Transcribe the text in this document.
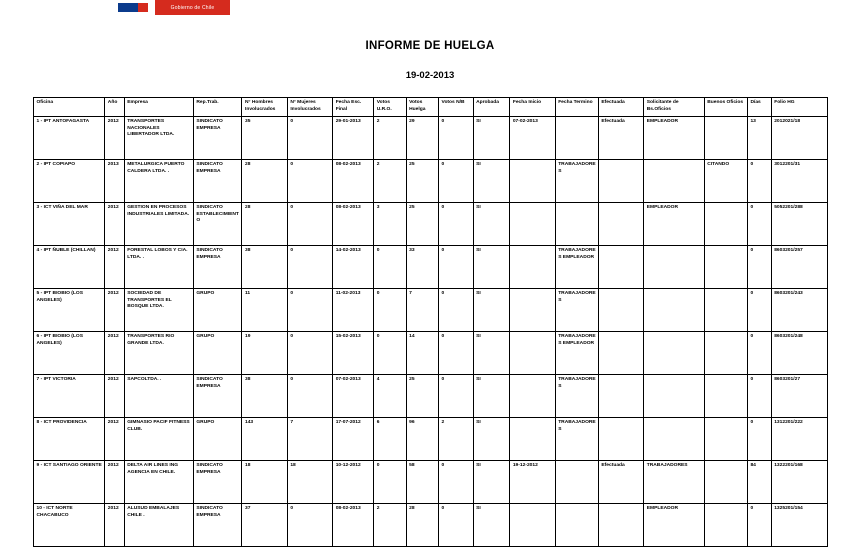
Gobierno de Chile
INFORME DE HUELGA
19-02-2013
Oficina	Año	Empresa	Rep.Trab.	N° Hombres Involucrados	N° Mujeres Involucrados	Fecha Esc. Final	Votos U.R.O.	Votos Huelga	Votos N/B	Aprobada	Fecha Inicio	Fecha Termino	Efectuada	Solicitante de Bs.Oficios	Buenos Oficios	Días	Folio HG
1 - IPT ANTOFAGASTA	2012	TRANSPORTES NACIONALES LIBERTADOR LTDA.	SINDICATO EMPRESA	35	0	29-01-2013	2	29	0	SI	07-02-2013		Efectuada	EMPLEADOR		13	2012021/18
2 - IPT COPIAPO	2013	METALURGICA PUERTO CALDERA LTDA. .	SINDICATO EMPRESA	28	0	08-02-2013	2	25	0	SI		TRABAJADORES			CITANDO	0	3012201/31
3 - ICT VIÑA DEL MAR	2012	GESTION EN PROCESOS INDUSTRIALES LIMITADA.	SINDICATO ESTABLECIMIENTO	28	0	08-02-2013	3	25	0	SI				EMPLEADOR		0	5052201/288
4 - IPT ÑUBLE (CHILLAN)	2012	FORESTAL LOBOS Y CIA. LTDA. .	SINDICATO EMPRESA	38	0	14-02-2013	0	33	0	SI		TRABAJADORES EMPLEADOR				0	8603201/257
5 - IPT BIOBIO (LOS ANGELES)	2012	SOCIEDAD DE TRANSPORTES EL BOSQUE LTDA.	GRUPO	11	0	11-02-2013	0	7	0	SI		TRABAJADORES				0	8603201/243
6 - IPT BIOBIO (LOS ANGELES)	2012	TRANSPORTES RIO GRANDE LTDA.	GRUPO	19	0	15-02-2013	0	14	0	SI		TRABAJADORES EMPLEADOR				0	8603201/248
7 - IPT VICTORIA	2012	SAPCOLTDA. .	SINDICATO EMPRESA	38	0	07-02-2013	4	25	0	SI		TRABAJADORES				0	8603201/27
8 - ICT PROVIDENCIA	2012	GIMNASIO PACIF FITNESS CLUB.	GRUPO	143	7	17-07-2012	6	96	2	SI		TRABAJADORES				0	1312201/222
9 - ICT SANTIAGO ORIENTE	2012	DELTA AIR LINES ING AGENCIA EN CHILE.	SINDICATO EMPRESA	18	18	10-12-2012	0	58	0	SI	19-12-2012		Efectuada	TRABAJADORES		84	1322201/168
10 - ICT NORTE CHACABUCO	2012	ALUSUD EMBALAJES CHILE .	SINDICATO EMPRESA	37	0	08-02-2013	2	28	0	SI				EMPLEADOR		0	1325201/154
